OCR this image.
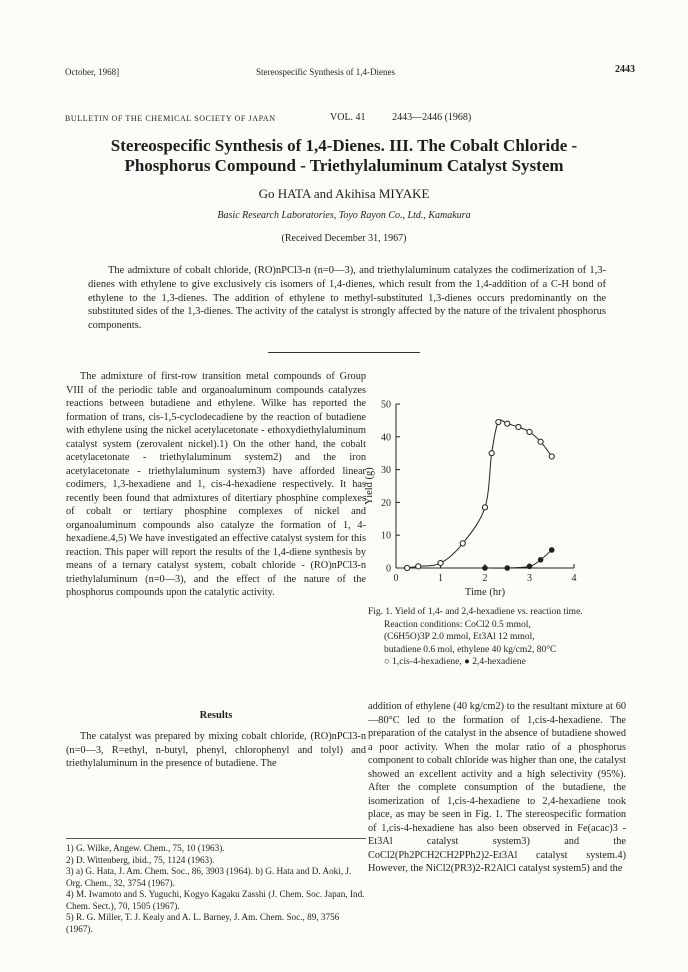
October, 1968]	Stereospecific Synthesis of 1,4-Dienes	2443
BULLETIN OF THE CHEMICAL SOCIETY OF JAPAN	VOL. 41	2443—2446 (1968)
Stereospecific Synthesis of 1,4-Dienes. III. The Cobalt Chloride -
Phosphorus Compound - Triethylaluminum Catalyst System
Go HATA and Akihisa MIYAKE
Basic Research Laboratories, Toyo Rayon Co., Ltd., Kamakura
(Received December 31, 1967)

The admixture of cobalt chloride, (RO)nPCl3-n (n=0—3), and triethylaluminum catalyzes the codimerization of 1,3-dienes with ethylene to give exclusively cis isomers of 1,4-dienes, which result from the 1,4-addition of a C-H bond of ethylene to the 1,3-dienes. The addition of ethylene to methyl-substituted 1,3-dienes occurs predominantly on the substituted sides of the 1,3-dienes. The activity of the catalyst is strongly affected by the nature of the trivalent phosphorus components.

The admixture of first-row transition metal compounds of Group VIII of the periodic table and organoaluminum compounds catalyzes reactions between butadiene and ethylene. Wilke has reported the formation of trans, cis-1,5-cyclodecadiene by the reaction of butadiene with ethylene using the nickel acetylacetonate - ethoxydiethylaluminum catalyst system (zerovalent nickel).1) On the other hand, the cobalt acetylacetonate - triethylaluminum system2) and the iron acetylacetonate - triethylaluminum system3) have afforded linear codimers, 1,3-hexadiene and 1, cis-4-hexadiene respectively. It has recently been found that admixtures of ditertiary phosphine complexes of cobalt or tertiary phosphine complexes of nickel and organoaluminum compounds also catalyze the formation of 1, 4-hexadiene.4,5) We have investigated an effective catalyst system for this reaction. This paper will report the results of the 1,4-diene synthesis by means of a ternary catalyst system, cobalt chloride - (RO)nPCl3-n triethylaluminum (n=0—3), and the effect of the nature of the phosphorus compounds upon the catalytic activity.

Results

The catalyst was prepared by mixing cobalt chloride, (RO)nPCl3-n (n=0—3, R=ethyl, n-butyl, phenyl, chlorophenyl and tolyl) and triethylaluminum in the presence of butadiene. The

1) G. Wilke, Angew. Chem., 75, 10 (1963).

2) D. Wittenberg, ibid., 75, 1124 (1963).

3) a) G. Hata, J. Am. Chem. Soc., 86, 3903 (1964). b) G. Hata and D. Aoki, J. Org. Chem., 32, 3754 (1967).

4) M. Iwamoto and S. Yuguchi, Kogyo Kagaku Zasshi (J. Chem. Soc. Japan, Ind. Chem. Sect.), 70, 1505 (1967).

5) R. G. Miller, T. J. Kealy and A. L. Barney, J. Am. Chem. Soc., 89, 3756 (1967).

0
10
20
30
40
50
0	1	2	3	4
Time (hr)
Yield (g)
Fig. 1. Yield of 1,4- and 2,4-hexadiene vs. reaction time.
Reaction conditions: CoCl2 0.5 mmol,
(C6H5O)3P 2.0 mmol, Et3Al 12 mmol,
butadiene 0.6 mol, ethylene 40 kg/cm2, 80°C
○ 1,cis-4-hexadiene, ● 2,4-hexadiene

addition of ethylene (40 kg/cm2) to the resultant mixture at 60—80°C led to the formation of 1,cis-4-hexadiene. The preparation of the catalyst in the absence of butadiene showed a poor activity. When the molar ratio of a phosphorus component to cobalt chloride was higher than one, the catalyst showed an excellent activity and a high selectivity (95%). After the complete consumption of the butadiene, the isomerization of 1,cis-4-hexadiene to 2,4-hexadiene took place, as may be seen in Fig. 1. The stereospecific formation of 1,cis-4-hexadiene has also been observed in Fe(acac)3 - Et3Al catalyst system3) and the CoCl2(Ph2PCH2CH2PPh2)2-Et3Al catalyst system.4) However, the NiCl2(PR3)2-R2AlCl catalyst system5) and the
